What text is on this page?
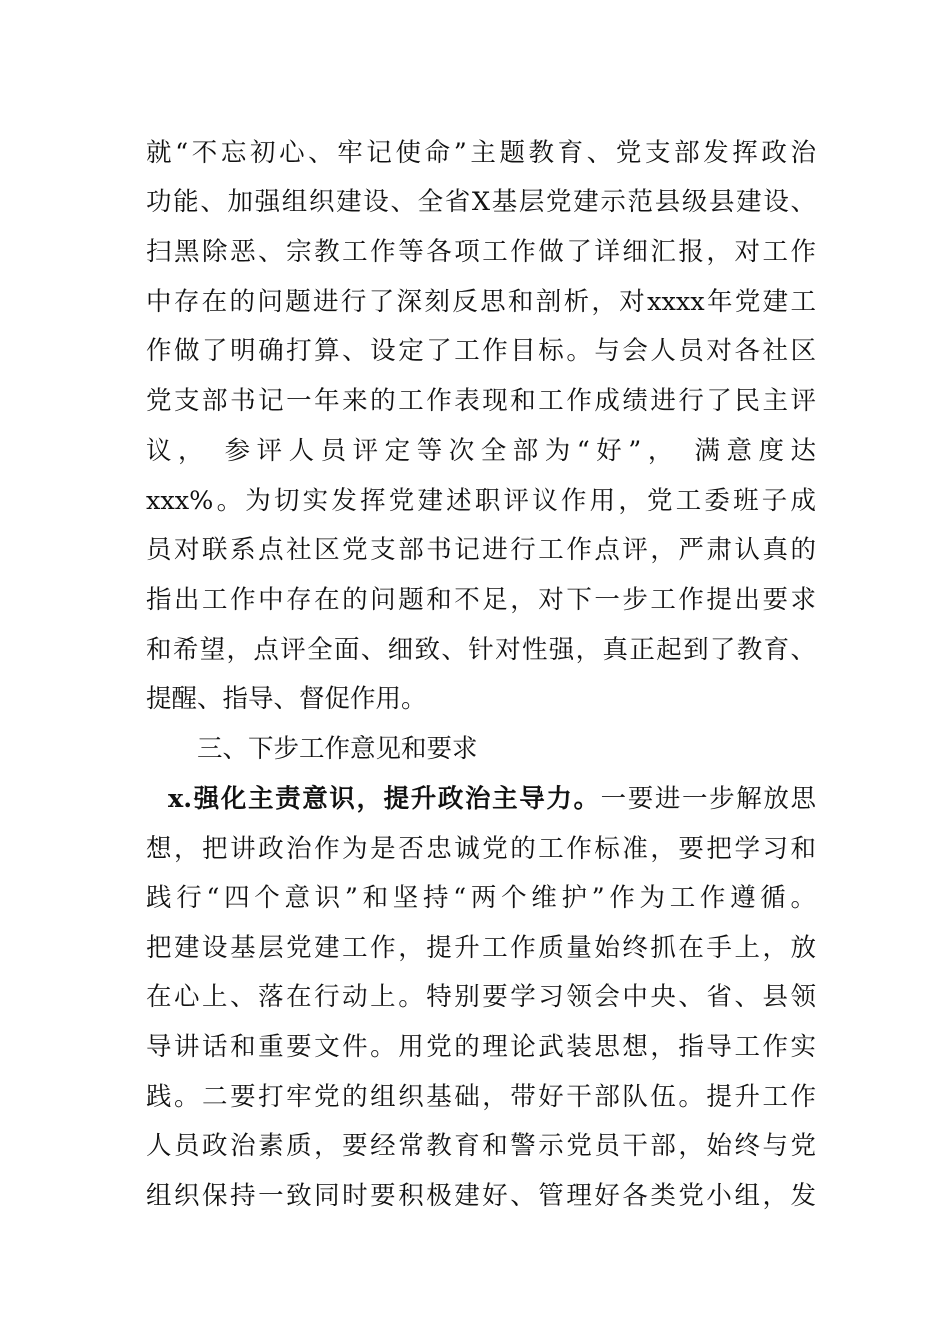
就“不忘初心、牢记使命”主题教育、党支部发挥政治
功能、加强组织建设、全省X基层党建示范县级县建设、
扫黑除恶、宗教工作等各项工作做了详细汇报，对工作
中存在的问题进行了深刻反思和剖析，对xxxx年党建工
作做了明确打算、设定了工作目标。与会人员对各社区
党支部书记一年来的工作表现和工作成绩进行了民主评
议， 参评人员评定等次全部为“好”， 满意度达
xxx%。为切实发挥党建述职评议作用，党工委班子成
员对联系点社区党支部书记进行工作点评，严肃认真的
指出工作中存在的问题和不足，对下一步工作提出要求
和希望，点评全面、细致、针对性强，真正起到了教育、
提醒、指导、督促作用。
三、下步工作意见和要求
x.强化主责意识，提升政治主导力。一要进一步解放思
想，把讲政治作为是否忠诚党的工作标准，要把学习和
践行“四个意识”和坚持“两个维护”作为工作遵循。
把建设基层党建工作，提升工作质量始终抓在手上，放
在心上、落在行动上。特别要学习领会中央、省、县领
导讲话和重要文件。用党的理论武装思想，指导工作实
践。二要打牢党的组织基础，带好干部队伍。提升工作
人员政治素质，要经常教育和警示党员干部，始终与党
组织保持一致同时要积极建好、管理好各类党小组，发
